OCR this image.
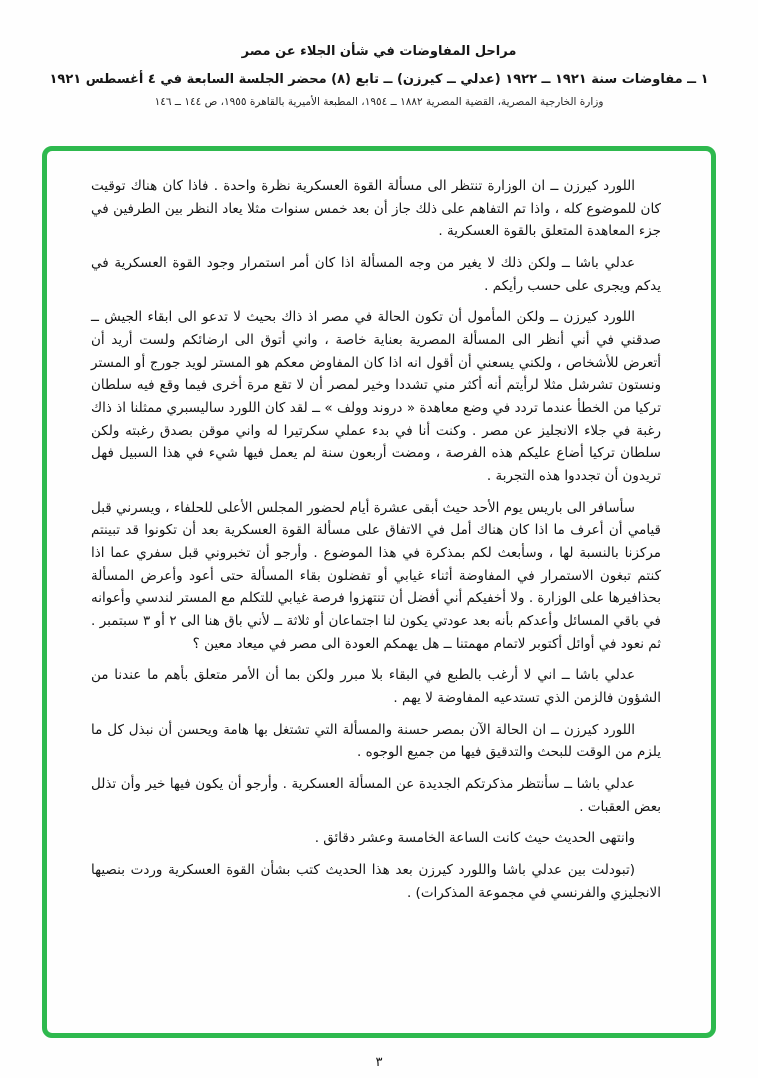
مراحل المفاوضات في شأن الجلاء عن مصر
١ ــ مفاوضات سنة ١٩٢١ ــ ١٩٢٢ (عدلي ــ كيرزن) ــ تابع (٨) محضر الجلسة السابعة في ٤ أغسطس ١٩٢١
وزارة الخارجية المصرية، القضية المصرية ١٨٨٢ ــ ١٩٥٤، المطبعة الأميرية بالقاهرة ١٩٥٥، ص ١٤٤ ــ ١٤٦

اللورد كيرزن ــ ان الوزارة تنتظر الى مسألة القوة العسكرية نظرة واحدة . فاذا كان هناك توقيت كان للموضوع كله ، واذا تم التفاهم على ذلك جاز أن بعد خمس سنوات مثلا يعاد النظر بين الطرفين في جزء المعاهدة المتعلق بالقوة العسكرية .

عدلي باشا ــ ولكن ذلك لا يغير من وجه المسألة اذا كان أمر استمرار وجود القوة العسكرية في يدكم ويجرى على حسب رأيكم .

اللورد كيرزن ــ ولكن المأمول أن تكون الحالة في مصر اذ ذاك بحيث لا تدعو الى ابقاء الجيش ــ صدقني في أني أنظر الى المسألة المصرية بعناية خاصة ، واني أتوق الى ارضائكم ولست أريد أن أتعرض للأشخاص ، ولكني يسعني أن أقول انه اذا كان المفاوض معكم هو المستر لويد جورج أو المستر ونستون تشرشل مثلا لرأيتم أنه أكثر مني تشددا وخير لمصر أن لا تقع مرة أخرى فيما وقع فيه سلطان تركيا من الخطأ عندما تردد في وضع معاهدة « دروند وولف » ــ لقد كان اللورد ساليسبري ممثلنا اذ ذاك رغبة في جلاء الانجليز عن مصر . وكنت أنا في بدء عملي سكرتيرا له واني موقن بصدق رغبته ولكن سلطان تركيا أضاع عليكم هذه الفرصة ، ومضت أربعون سنة لم يعمل فيها شيء في هذا السبيل فهل تريدون أن تجددوا هذه التجربة .

سأسافر الى باريس يوم الأحد حيث أبقى عشرة أيام لحضور المجلس الأعلى للحلفاء ، ويسرني قبل قيامي أن أعرف ما اذا كان هناك أمل في الاتفاق على مسألة القوة العسكرية بعد أن تكونوا قد تبينتم مركزنا بالنسبة لها ، وسأبعث لكم بمذكرة في هذا الموضوع . وأرجو أن تخبروني قبل سفري عما اذا كنتم تبغون الاستمرار في المفاوضة أثناء غيابي أو تفضلون بقاء المسألة حتى أعود وأعرض المسألة بحذافيرها على الوزارة . ولا أخفيكم أني أفضل أن تنتهزوا فرصة غيابي للتكلم مع المستر لندسي وأعوانه في باقي المسائل وأعدكم بأنه بعد عودتي يكون لنا اجتماعان أو ثلاثة ــ لأني باق هنا الى ٢ أو ٣ سبتمبر . ثم نعود في أوائل أكتوبر لاتمام مهمتنا ــ هل يهمكم العودة الى مصر في ميعاد معين ؟

عدلي باشا ــ اني لا أرغب بالطبع في البقاء بلا مبرر ولكن بما أن الأمر متعلق بأهم ما عندنا من الشؤون فالزمن الذي تستدعيه المفاوضة لا يهم .

اللورد كيرزن ــ ان الحالة الآن بمصر حسنة والمسألة التي تشتغل بها هامة ويحسن أن نبذل كل ما يلزم من الوقت للبحث والتدقيق فيها من جميع الوجوه .

عدلي باشا ــ سأنتظر مذكرتكم الجديدة عن المسألة العسكرية . وأرجو أن يكون فيها خير وأن تذلل بعض العقبات .

وانتهى الحديث حيث كانت الساعة الخامسة وعشر دقائق .

(تبودلت بين عدلي باشا واللورد كيرزن بعد هذا الحديث كتب بشأن القوة العسكرية وردت بنصيها الانجليزي والفرنسي في مجموعة المذكرات) .

٣
